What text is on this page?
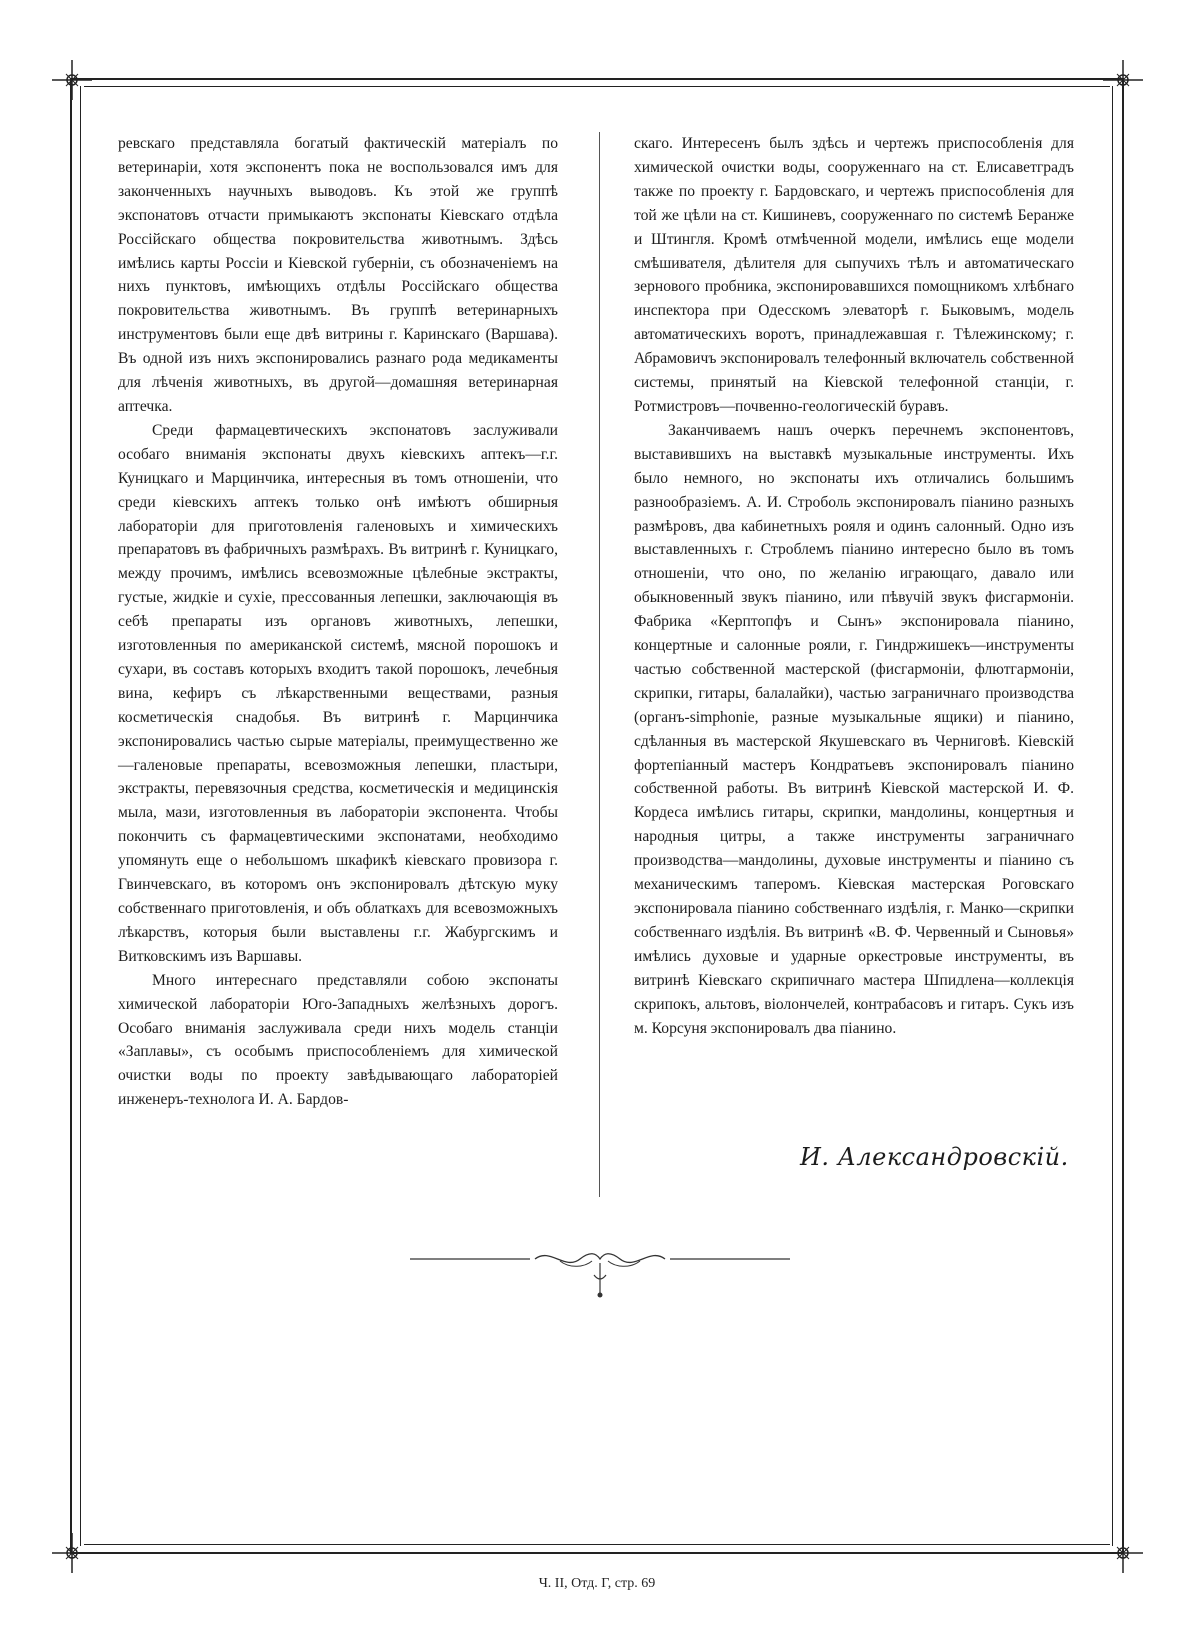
ревскаго представляла богатый фактическій матеріалъ по ветеринаріи, хотя экспонентъ пока не воспользовался имъ для законченныхъ научныхъ выводовъ. Къ этой же группѣ экспонатовъ отчасти примыкаютъ экспонаты Кіевскаго отдѣла Россійскаго общества покровительства животнымъ. Здѣсь имѣлись карты Россіи и Кіевской губерніи, съ обозначеніемъ на нихъ пунктовъ, имѣющихъ отдѣлы Россійскаго общества покровительства животнымъ. Въ группѣ ветеринарныхъ инструментовъ были еще двѣ витрины г. Каринскаго (Варшава). Въ одной изъ нихъ экспонировались разнаго рода медикаменты для лѣченія животныхъ, въ другой—домашняя ветеринарная аптечка.

Среди фармацевтическихъ экспонатовъ заслуживали особаго вниманія экспонаты двухъ кіевскихъ аптекъ—г.г. Куницкаго и Марцинчика, интересныя въ томъ отношеніи, что среди кіевскихъ аптекъ только онѣ имѣютъ обширныя лабораторіи для приготовленія галеновыхъ и химическихъ препаратовъ въ фабричныхъ размѣрахъ. Въ витринѣ г. Куницкаго, между прочимъ, имѣлись всевозможные цѣлебные экстракты, густые, жидкіе и сухіе, прессованныя лепешки, заключающія въ себѣ препараты изъ органовъ животныхъ, лепешки, изготовленныя по американской системѣ, мясной порошокъ и сухари, въ составъ которыхъ входитъ такой порошокъ, лечебныя вина, кефиръ съ лѣкарственными веществами, разныя косметическія снадобья. Въ витринѣ г. Марцинчика экспонировались частью сырые матеріалы, преимущественно же—галеновые препараты, всевозможныя лепешки, пластыри, экстракты, перевязочныя средства, косметическія и медицинскія мыла, мази, изготовленныя въ лабораторіи экспонента. Чтобы покончить съ фармацевтическими экспонатами, необходимо упомянуть еще о небольшомъ шкафикѣ кіевскаго провизора г. Гвинчевскаго, въ которомъ онъ экспонировалъ дѣтскую муку собственнаго приготовленія, и объ облаткахъ для всевозможныхъ лѣкарствъ, которыя были выставлены г.г. Жабургскимъ и Витковскимъ изъ Варшавы.

Много интереснаго представляли собою экспонаты химической лабораторіи Юго-Западныхъ желѣзныхъ дорогъ. Особаго вниманія заслуживала среди нихъ модель станціи «Заплавы», съ особымъ приспособленіемъ для химической очистки воды по проекту завѣдывающаго лабораторіей инженеръ-технолога И. А. Бардов-

скаго. Интересенъ былъ здѣсь и чертежъ приспособленія для химической очистки воды, сооруженнаго на ст. Елисаветградъ также по проекту г. Бардовскаго, и чертежъ приспособленія для той же цѣли на ст. Кишиневъ, сооруженнаго по системѣ Беранже и Штингля. Кромѣ отмѣченной модели, имѣлись еще модели смѣшивателя, дѣлителя для сыпучихъ тѣлъ и автоматическаго зернового пробника, экспонировавшихся помощникомъ хлѣбнаго инспектора при Одесскомъ элеваторѣ г. Быковымъ, модель автоматическихъ воротъ, принадлежавшая г. Тѣлежинскому; г. Абрамовичъ экспонировалъ телефонный включатель собственной системы, принятый на Кіевской телефонной станціи, г. Ротмистровъ—почвенно-геологическій буравъ.

Заканчиваемъ нашъ очеркъ перечнемъ экспонентовъ, выставившихъ на выставкѣ музыкальные инструменты. Ихъ было немного, но экспонаты ихъ отличались большимъ разнообразіемъ. А. И. Строболь экспонировалъ піанино разныхъ размѣровъ, два кабинетныхъ рояля и одинъ салонный. Одно изъ выставленныхъ г. Строблемъ піанино интересно было въ томъ отношеніи, что оно, по желанію играющаго, давало или обыкновенный звукъ піанино, или пѣвучій звукъ фисгармоніи. Фабрика «Керптопфъ и Сынъ» экспонировала піанино, концертные и салонные рояли, г. Гиндржишекъ—инструменты частью собственной мастерской (фисгармоніи, флютгармоніи, скрипки, гитары, балалайки), частью заграничнаго производства (органъ-simphonie, разные музыкальные ящики) и піанино, сдѣланныя въ мастерской Якушевскаго въ Черниговѣ. Кіевскій фортепіанный мастеръ Кондратьевъ экспонировалъ піанино собственной работы. Въ витринѣ Кіевской мастерской И. Ф. Кордеса имѣлись гитары, скрипки, мандолины, концертныя и народныя цитры, а также инструменты заграничнаго производства—мандолины, духовые инструменты и піанино съ механическимъ таперомъ. Кіевская мастерская Роговскаго экспонировала піанино собственнаго издѣлія, г. Манко—скрипки собственнаго издѣлія. Въ витринѣ «В. Ф. Червенный и Сыновья» имѣлись духовые и ударные оркестровые инструменты, въ витринѣ Кіевскаго скрипичнаго мастера Шпидлена—коллекція скрипокъ, альтовъ, віолончелей, контрабасовъ и гитаръ. Сукъ изъ м. Корсуня экспонировалъ два піанино.

И. Александровскій.
Ч. II, Отд. Г, стр. 69
